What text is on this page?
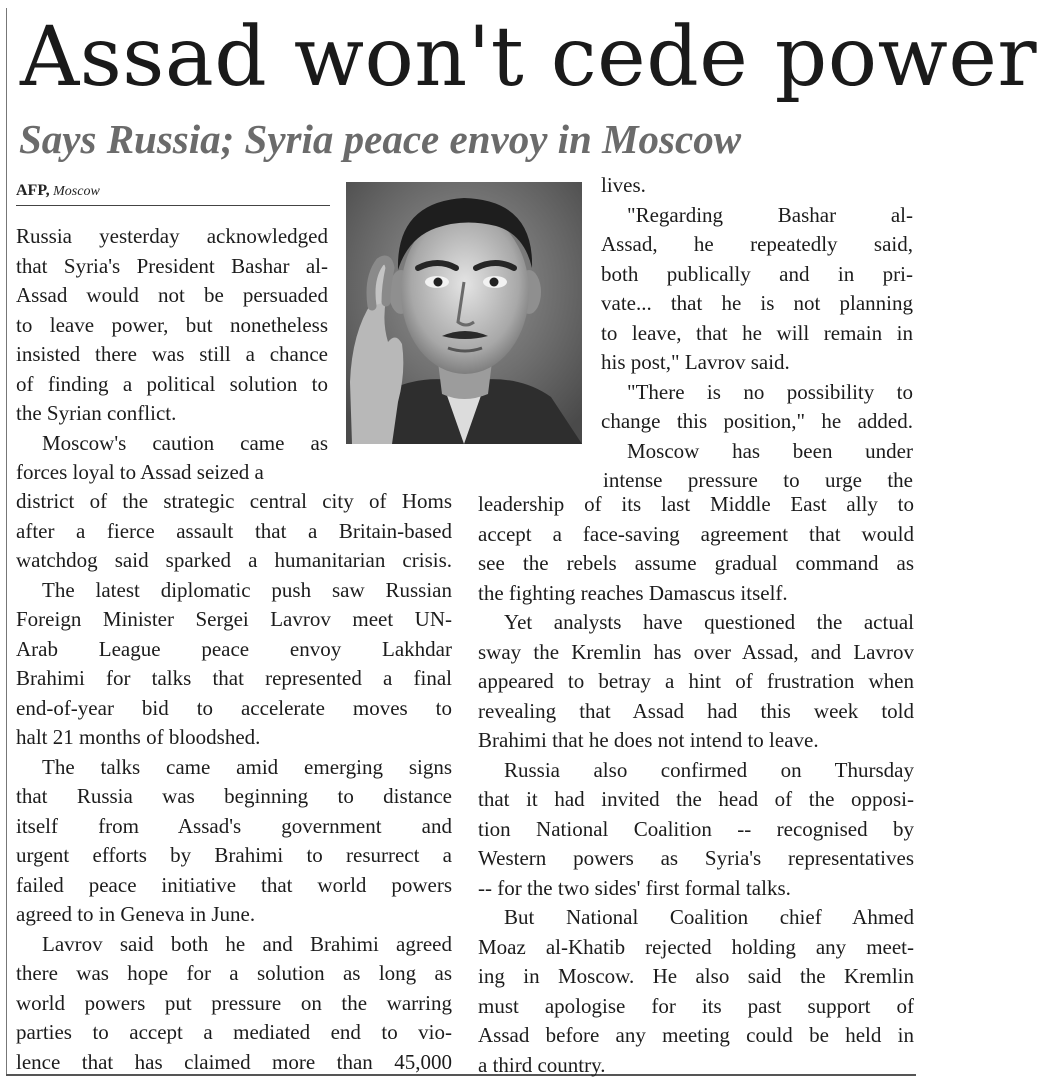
Assad won't cede power
Says Russia; Syria peace envoy in Moscow
AFP, Moscow
Russia yesterday acknowledged
that Syria's President Bashar al-
Assad would not be persuaded
to leave power, but nonetheless
insisted there was still a chance
of finding a political solution to
the Syrian conflict.
Moscow's caution came as
forces loyal to Assad seized a
district of the strategic central city of Homs
after a fierce assault that a Britain-based
watchdog said sparked a humanitarian crisis.
The latest diplomatic push saw Russian
Foreign Minister Sergei Lavrov meet UN-
Arab League peace envoy Lakhdar
Brahimi for talks that represented a final
end-of-year bid to accelerate moves to
halt 21 months of bloodshed.
The talks came amid emerging signs
that Russia was beginning to distance
itself from Assad's government and
urgent efforts by Brahimi to resurrect a
failed peace initiative that world powers
agreed to in Geneva in June.
Lavrov said both he and Brahimi agreed
there was hope for a solution as long as
world powers put pressure on the warring
parties to accept a mediated end to vio-
lence that has claimed more than 45,000
lives.
"Regarding Bashar al-
Assad, he repeatedly said,
both publically and in pri-
vate... that he is not planning
to leave, that he will remain in
his post," Lavrov said.
"There is no possibility to
change this position," he added.
Moscow has been under
intense pressure to urge the
leadership of its last Middle East ally to
accept a face-saving agreement that would
see the rebels assume gradual command as
the fighting reaches Damascus itself.
Yet analysts have questioned the actual
sway the Kremlin has over Assad, and Lavrov
appeared to betray a hint of frustration when
revealing that Assad had this week told
Brahimi that he does not intend to leave.
Russia also confirmed on Thursday
that it had invited the head of the opposi-
tion National Coalition -- recognised by
Western powers as Syria's representatives
-- for the two sides' first formal talks.
But National Coalition chief Ahmed
Moaz al-Khatib rejected holding any meet-
ing in Moscow. He also said the Kremlin
must apologise for its past support of
Assad before any meeting could be held in
a third country.
